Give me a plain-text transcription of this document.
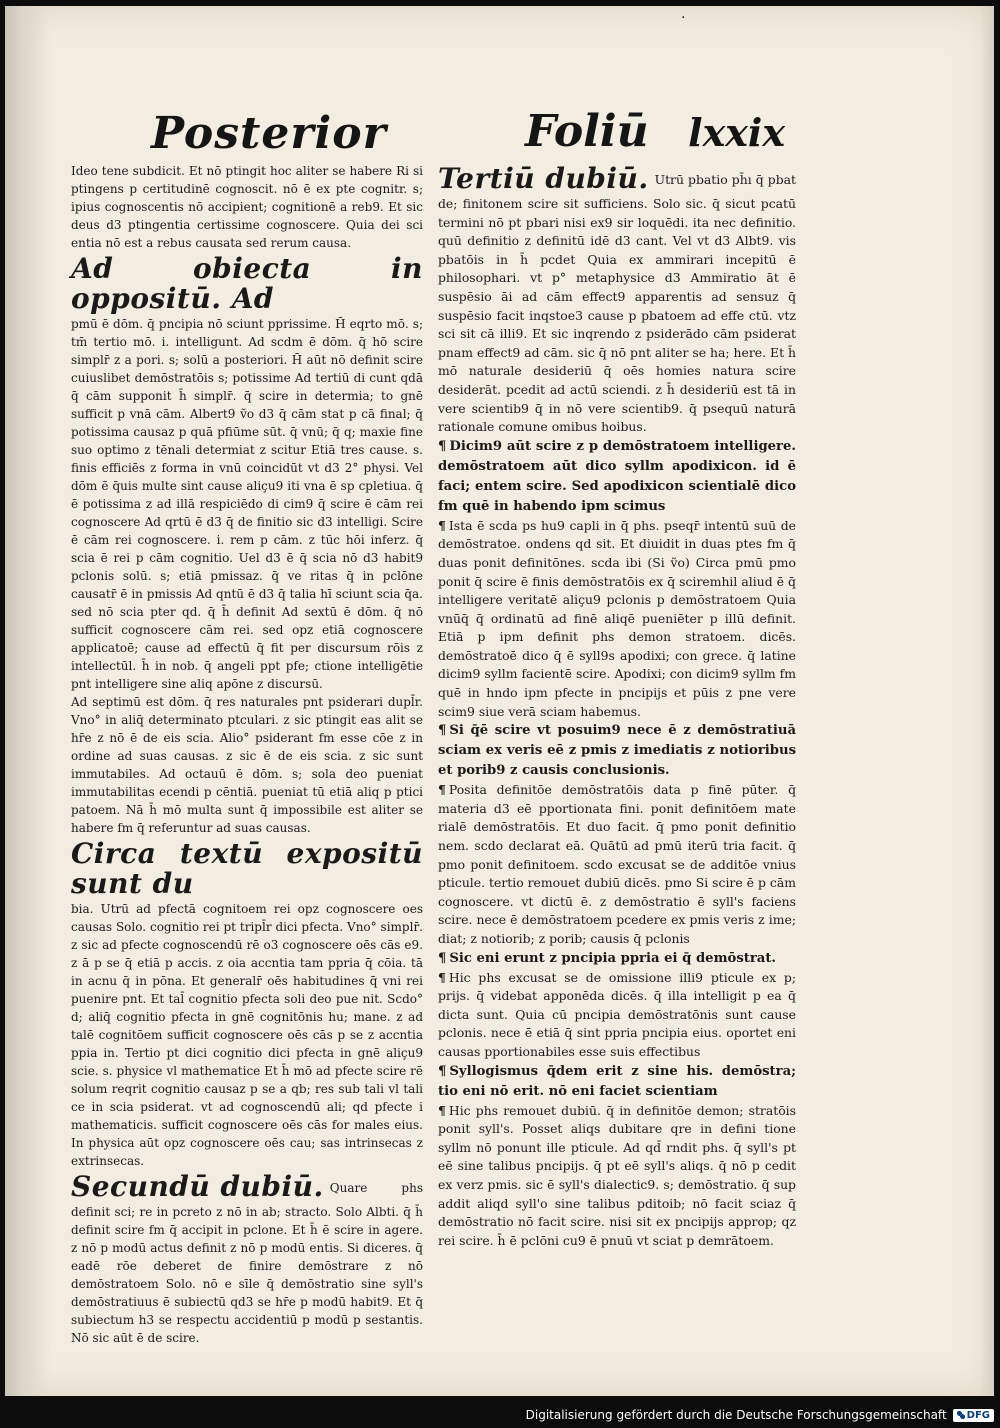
.
Posterior	Foliū lxxix

Ideo tene subdicit. Et nō ptingit hoc aliter se habere Ri si ptingens p certitudinē cognoscit. nō ē ex pte cognitr. s; ipius cognoscentis nō accipient; cognitionē a reb9. Et sic deus d3 ptingentia certissime cognoscere. Quia dei sci entia nō est a rebus causata sed rerum causa.

Ad obiecta in oppositū. Ad

pmū ē dōm. q̄ pncipia nō sciunt pprissime. H̄ eqrto mō. s; tm̄ tertio mō. i. intelligunt. Ad scdm ē dōm. q̄ hō scire simplr̄ z a pori. s; solū a posteriori. H̄ aūt nō definit scire cuiuslibet demōstratōis s; potissime Ad tertiū di cunt qdā q̄ cām supponit h̄ simplr̄. q̄ scire in determia; to gnē sufficit p vnā cām. Albert9 ṽo d3 q̄ cām stat p cā final; q̄ potissima causaz p quā pfiūme sūt. q̄ vnū; q̄ q; maxie fine suo optimo z tēnali determiat z scitur Etiā tres cause. s. finis efficiēs z forma in vnū coincidūt vt d3 2° physi. Vel dōm ē q̄uis multe sint cause aliçu9 iti vna ē sp cpletiua. q̄ ē potissima z ad illā respiciēdo di cim9 q̄ scire ē cām rei cognoscere Ad qrtū ē d3 q̄ de finitio sic d3 intelligi. Scire ē cām rei cognoscere. i. rem p cām. z tūc hōi inferz. q̄ scia ē rei p cām cognitio. Uel d3 ē q̄ scia nō d3 habit9 pclonis solū. s; etiā pmissaz. q̄ ve ritas q̄ in pclōne causatr̄ ē in pmissis Ad qntū ē d3 q̄ talia hī sciunt scia q̄a. sed nō scia pter qd. q̄ h̄ definit Ad sextū ē dōm. q̄ nō sufficit cognoscere cām rei. sed opz etiā cognoscere applicatoē; cause ad effectū q̄ fit per discursum rōis z intellectūl. h̄ in nob. q̄ angeli ppt pfe; ctione intelligētie pnt intelligere sine aliq apōne z discursū.

Ad septimū est dōm. q̄ res naturales pnt psiderari dupl̄r. Vno° in aliq̄ determinato ptculari. z sic ptingit eas alit se hr̄e z nō ē de eis scia. Alio° psiderant fm esse cōe z in ordine ad suas causas. z sic ē de eis scia. z sic sunt immutabiles. Ad octauū ē dōm. s; sola deo pueniat immutabilitas ecendi p cēntiā. pueniat tū etiā aliq p ptici patoem. Nā h̄ mō multa sunt q̄ impossibile est aliter se habere fm q̄ referuntur ad suas causas.

Circa textū expositū sunt du

bia. Utrū ad pfectā cognitoem rei opz cognoscere oes causas Solo. cognitio rei pt tripl̄r dici pfecta. Vno° simplr̄. z sic ad pfecte cognoscendū rē o3 cognoscere oēs cās e9. z ā p se q̄ etiā p accis. z oia accntia tam ppria q̄ cōia. tā in acnu q̄ in pōna. Et generalr̄ oēs habitudines q̄ vni rei puenire pnt. Et tal̄ cognitio pfecta soli deo pue nit. Scdo° d; aliq̄ cognitio pfecta in gnē cognitōnis hu; mane. z ad talē cognitōem sufficit cognoscere oēs cās p se z accntia ppia in. Tertio pt dici cognitio dici pfecta in gnē aliçu9 scie. s. physice vl mathematice Et h̄ mō ad pfecte scire rē solum reqrit cognitio causaz p se a qb; res sub tali vl tali ce in scia psiderat. vt ad cognoscendū ali; qd pfecte i mathematicis. sufficit cognoscere oēs cās for males eius. In physica aūt opz cognoscere oēs cau; sas intrinsecas z extrinsecas.

Secundū dubiū. Quare phs definit sci; re in pcreto z nō in ab; stracto. Solo Albti. q̄ h̄ definit scire fm q̄ accipit in pclone. Et h̄ ē scire in agere. z nō p modū actus definit z nō p modū entis. Si diceres. q̄ eadē rōe deberet de finire demōstrare z nō demōstratoem Solo. nō e sīle q̄ demōstratio sine syll's demōstratiuus ē subiectū qd3 se hr̄e p modū habit9. Et q̄ subiectum h3 se respectu accidentiū p modū p sestantis. Nō sic aūt ē de scire.

Tertiū dubiū. Utrū pbatio ph̄ı q̄ pbat de; finitonem scire sit sufficiens. Solo sic. q̄ sicut pcatū termini nō pt pbari nisi ex9 sir loquēdi. ita nec definitio. quū definitio z definitū idē d3 cant. Vel vt d3 Albt9. vis pbatōis in h̄ pcdet Quia ex ammirari incepitū ē philosophari. vt p° metaphysice d3 Ammiratio āt ē suspēsio āi ad cām effect9 apparentis ad sensuz q̄ suspēsio facit inqstoe3 cause p pbatoem ad effe ctū. vtz sci sit cā illi9. Et sic inqrendo z psiderādo cām psiderat pnam effect9 ad cām. sic q̄ nō pnt aliter se ha; here. Et h̄ mō naturale desideriū q̄ oēs homies natura scire desiderāt. pcedit ad actū sciendi. z h̄ desideriū est tā in vere scientib9 q̄ in nō vere scientib9. q̄ psequū naturā rationale comune omibus hoibus.

¶ Dicim9 aūt scire z p demōstratoem intelligere. demōstratoem aūt dico syllm apodixicon. id ē faci; entem scire. Sed apodixicon scientialē dico fm quē in habendo ipm scimus

¶ Ista ē scda ps hu9 capli in q̄ phs. pseqr̄ intentū suū de demōstratoe. ondens qd sit. Et diuidit in duas ptes fm q̄ duas ponit definitōnes. scda ibi (Si ṽo) Circa pmū pmo ponit q̄ scire ē finis demōstratōis ex q̄ sciremhil aliud ē q̄ intelligere veritatē aliçu9 pclonis p demōstratoem Quia vnūq̄ q̄ ordinatū ad finē aliqē pueniēter p illū definit. Etiā p ipm definit phs demon stratoem. dicēs. demōstratoē dico q̄ ē syll9s apodixi; con grece. q̄ latine dicim9 syllm facientē scire. Apodixi; con dicim9 syllm fm quē in hndo ipm pfecte in pncipijs et pūis z pne vere scim9 siue verā sciam habemus.

¶ Si q̄ē scire vt posuim9 nece ē z demōstratiuā sciam ex veris eē z pmis z imediatis z notioribus et porib9 z causis conclusionis.

¶ Posita definitōe demōstratōis data p finē pūter. q̄ materia d3 eē pportionata fini. ponit definitōem mate rialē demōstratōis. Et duo facit. q̄ pmo ponit definitio nem. scdo declarat eā. Quātū ad pmū iterū tria facit. q̄ pmo ponit definitoem. scdo excusat se de additōe vnius pticule. tertio remouet dubiū dicēs. pmo Si scire ē p cām cognoscere. vt dictū ē. z demōstratio ē syll's faciens scire. nece ē demōstratoem pcedere ex pmis veris z ime; diat; z notiorib; z porib; causis q̄ pclonis

¶ Sic eni erunt z pncipia ppria ei q̄ demōstrat.

¶ Hic phs excusat se de omissione illi9 pticule ex p; prijs. q̄ videbat apponēda dicēs. q̄ illa intelligit p ea q̄ dicta sunt. Quia cū pncipia demōstratōnis sunt cause pclonis. nece ē etiā q̄ sint ppria pncipia eius. oportet eni causas pportionabiles esse suis effectibus

¶ Syllogismus q̄dem erit z sine his. demōstra; tio eni nō erit. nō eni faciet scientiam

¶ Hic phs remouet dubiū. q̄ in definitōe demon; stratōis ponit syll's. Posset aliqs dubitare qre in defini tione syllm nō ponunt ille pticule. Ad qd̄ rndit phs. q̄ syll's pt eē sine talibus pncipijs. q̄ pt eē syll's aliqs. q̄ nō p cedit ex verz pmis. sic ē syll's dialectic9. s; demōstratio. q̄ sup addit aliqd syll'o sine talibus pditoib; nō facit sciaz q̄ demōstratio nō facit scire. nisi sit ex pncipijs approp; qz rei scire. h̄ ē pclōni cu9 ē pnuū vt sciat p demrātoem.

Digitalisierung gefördert durch die Deutsche Forschungsgemeinschaft DFG
